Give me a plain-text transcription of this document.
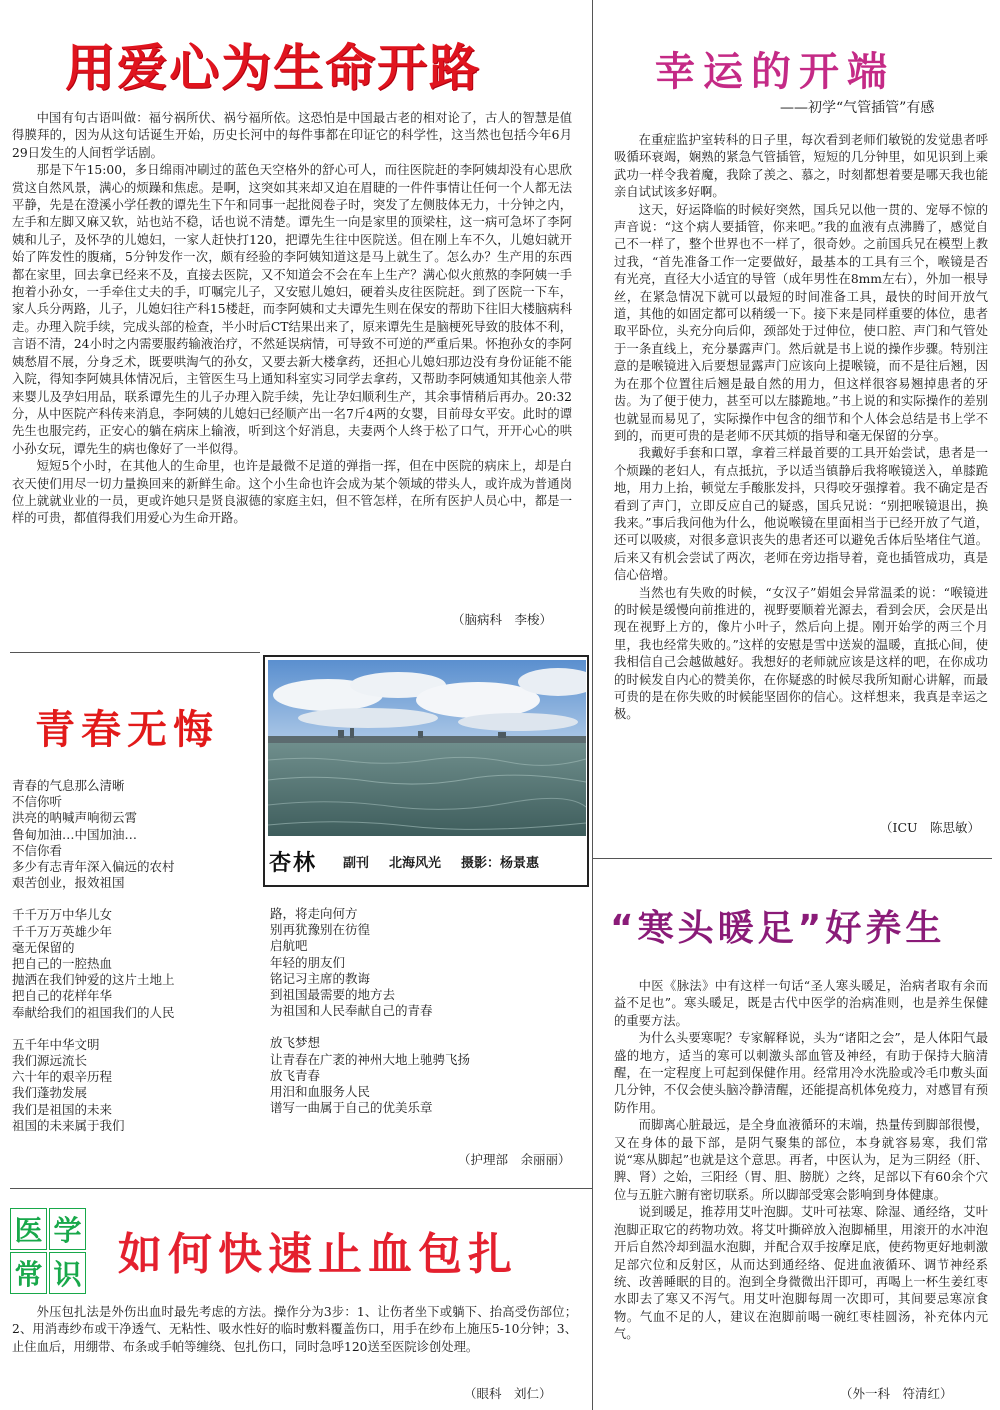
用爱心为生命开路

中国有句古语叫做：福兮祸所伏、祸兮福所依。这恐怕是中国最古老的相对论了，古人的智慧是值得膜拜的，因为从这句话诞生开始，历史长河中的每件事都在印证它的科学性，这当然也包括今年6月29日发生的人间哲学话剧。

那是下午15:00，多日绵雨冲刷过的蓝色天空格外的舒心可人，而往医院赶的李阿姨却没有心思欣赏这自然风景，满心的烦躁和焦虑。是啊，这突如其来却又迫在眉睫的一件件事情让任何一个人都无法平静，先是在澄溪小学任教的谭先生下午和同事一起批阅卷子时，突发了左侧肢体无力，十分钟之内，左手和左脚又麻又软，站也站不稳，话也说不清楚。谭先生一向是家里的顶梁柱，这一病可急坏了李阿姨和儿子，及怀孕的儿媳妇，一家人赶快打120，把谭先生往中医院送。但在刚上车不久，儿媳妇就开始了阵发性的腹痛，5分钟发作一次，颇有经验的李阿姨知道这是马上就生了。怎么办？生产用的东西都在家里，回去拿已经来不及，直接去医院，又不知道会不会在车上生产？满心似火煎熬的李阿姨一手抱着小孙女，一手牵住丈夫的手，叮嘱完儿子，又安慰儿媳妇，硬着头皮往医院赶。到了医院一下车，家人兵分两路，儿子，儿媳妇往产科15楼赶，而李阿姨和丈夫谭先生则在保安的帮助下往旧大楼脑病科走。办理入院手续，完成头部的检查，半小时后CT结果出来了，原来谭先生是脑梗死导致的肢体不利，言语不清，24小时之内需要服药输液治疗，不然延误病情，可导致不可逆的严重后果。怀抱孙女的李阿姨愁眉不展，分身乏术，既要哄淘气的孙女，又要去新大楼拿药，还担心儿媳妇那边没有身份证能不能入院，得知李阿姨具体情况后，主管医生马上通知科室实习同学去拿药，又帮助李阿姨通知其他亲人带来婴儿及孕妇用品，联系谭先生的儿子办理入院手续，先让孕妇顺利生产，其余事情稍后再办。20:32分，从中医院产科传来消息，李阿姨的儿媳妇已经顺产出一名7斤4两的女婴，目前母女平安。此时的谭先生也服完药，正安心的躺在病床上输液，听到这个好消息，夫妻两个人终于松了口气，开开心心的哄小孙女玩，谭先生的病也像好了一半似得。

短短5个小时，在其他人的生命里，也许是最微不足道的弹指一挥，但在中医院的病床上，却是白衣天使们用尽一切力量换回来的新鲜生命。这个小生命也许会成为某个领域的带头人，或许成为普通岗位上就就业业的一员，更或许她只是贤良淑德的家庭主妇，但不管怎样，在所有医护人员心中，都是一样的可贵，都值得我们用爱心为生命开路。

（脑病科　李梭）
幸运的开端
——初学“气管插管”有感

在重症监护室转科的日子里，每次看到老师们敏锐的发觉患者呼吸循环衰竭，娴熟的紧急气管插管，短短的几分钟里，如见识到上乘武功一样令我着魔，我除了羡之、慕之，时刻都想着要是哪天我也能亲自试试该多好啊。

这天，好运降临的时候好突然，国兵兄以他一贯的、宠辱不惊的声音说：“这个病人要插管，你来吧。”我的血液有点沸腾了，感觉自己不一样了，整个世界也不一样了，很奇妙。之前国兵兄在模型上教过我，“首先准备工作一定要做好，最基本的工具有三个，喉镜是否有光亮，直径大小适宜的导管（成年男性在8mm左右），外加一根导丝，在紧急情况下就可以最短的时间准备工具，最快的时间开放气道，其他的如固定都可以稍缓一下。接下来是同样重要的体位，患者取平卧位，头充分向后仰，颈部处于过伸位，使口腔、声门和气管处于一条直线上，充分暴露声门。然后就是书上说的操作步骤。特别注意的是喉镜进入后要想显露声门应该向上提喉镜，而不是往后翘，因为在那个位置往后翘是最自然的用力，但这样很容易翘掉患者的牙齿。为了便于使力，甚至可以左膝跪地。”书上说的和实际操作的差别也就显而易见了，实际操作中包含的细节和个人体会总结是书上学不到的，而更可贵的是老师不厌其烦的指导和毫无保留的分享。

我戴好手套和口罩，拿着三样最首要的工具开始尝试，患者是一个烦躁的老妇人，有点抵抗，予以适当镇静后我将喉镜送入，单膝跪地，用力上抬，顿觉左手酸胀发抖，只得咬牙强撑着。我不确定是否看到了声门，立即反应自己的疑惑，国兵兄说：“别把喉镜退出，换我来。”事后我问他为什么，他说喉镜在里面相当于已经开放了气道，还可以吸痰，对很多意识丧失的患者还可以避免舌体后坠堵住气道。后来又有机会尝试了两次，老师在旁边指导着，竟也插管成功，真是信心倍增。

当然也有失败的时候，“女汉子”娟姐会异常温柔的说：“喉镜进的时候是缓慢向前推进的，视野要顺着光源去，看到会厌，会厌是出现在视野上方的，像片小叶子，然后向上提。刚开始学的两三个月里，我也经常失败的。”这样的安慰是雪中送炭的温暖，直抵心间，使我相信自己会越做越好。我想好的老师就应该是这样的吧，在你成功的时候发自内心的赞美你，在你疑惑的时候尽我所知耐心讲解，而最可贵的是在你失败的时候能坚固你的信心。这样想来，我真是幸运之极。

（ICU　陈思敏）
青春无悔
青春的气息那么清晰
不信你听
洪亮的呐喊声响彻云霄
鲁甸加油…中国加油…
不信你看
多少有志青年深入偏远的农村
艰苦创业，报效祖国
千千万万中华儿女
千千万万英雄少年
毫无保留的
把自己的一腔热血
抛洒在我们钟爱的这片土地上
把自己的花样年华
奉献给我们的祖国我们的人民
五千年中华文明
我们源远流长
六十年的艰辛历程
我们蓬勃发展
我们是祖国的未来
祖国的未来属于我们
路，将走向何方
别再犹豫别在彷徨
启航吧
年轻的朋友们
铭记习主席的教诲
到祖国最需要的地方去
为祖国和人民奉献自己的青春
放飞梦想
让青春在广袤的神州大地上驰骋飞扬
放飞青春
用汨和血服务人民
谱写一曲属于自己的优美乐章
（护理部　余丽丽）
杏林 副刊 北海风光 摄影：杨景惠
医 学
常 识 如何快速止血包扎

外压包扎法是外伤出血时最先考虑的方法。操作分为3步：1、让伤者坐下或躺下、抬高受伤部位；2、用消毒纱布或干净透气、无粘性、吸水性好的临时敷料覆盖伤口，用手在纱布上施压5-10分钟；3、止住血后，用绷带、布条或手帕等缠绕、包扎伤口，同时急呼120送至医院诊创处理。

（眼科　刘仁）
“寒头暖足”好养生

中医《脉法》中有这样一句话“圣人寒头暖足，治病者取有余而益不足也”。寒头暖足，既是古代中医学的治病准则，也是养生保健的重要方法。

为什么头要寒呢？专家解释说，头为“诸阳之会”，是人体阳气最盛的地方，适当的寒可以刺激头部血管及神经，有助于保持大脑清醒，在一定程度上可起到保健作用。经常用冷水洗脸或冷毛巾敷头面几分钟，不仅会使头脑冷静清醒，还能提高机体免疫力，对感冒有预防作用。

而脚离心脏最远，是全身血液循环的末端，热量传到脚部很慢，又在身体的最下部，是阴气聚集的部位，本身就容易寒，我们常说“寒从脚起”也就是这个意思。再者，中医认为，足为三阴经（肝、脾、肾）之始，三阳经（胃、胆、膀胱）之终，足部以下有60余个穴位与五脏六腑有密切联系。所以脚部受寒会影响到身体健康。

说到暖足，推荐用艾叶泡脚。艾叶可祛寒、除湿、通经络，艾叶泡脚正取它的药物功效。将艾叶撕碎放入泡脚桶里，用滚开的水冲泡开后自然冷却到温水泡脚，并配合双手按摩足底，使药物更好地刺激足部穴位和反射区，从而达到通经络、促进血液循环、调节神经系统、改善睡眠的目的。泡到全身微微出汗即可，再喝上一杯生姜红枣水即去了寒又不泻气。用艾叶泡脚每周一次即可，其间要忌寒凉食物。气血不足的人，建议在泡脚前喝一碗红枣桂圆汤，补充体内元气。

（外一科　符清红）
